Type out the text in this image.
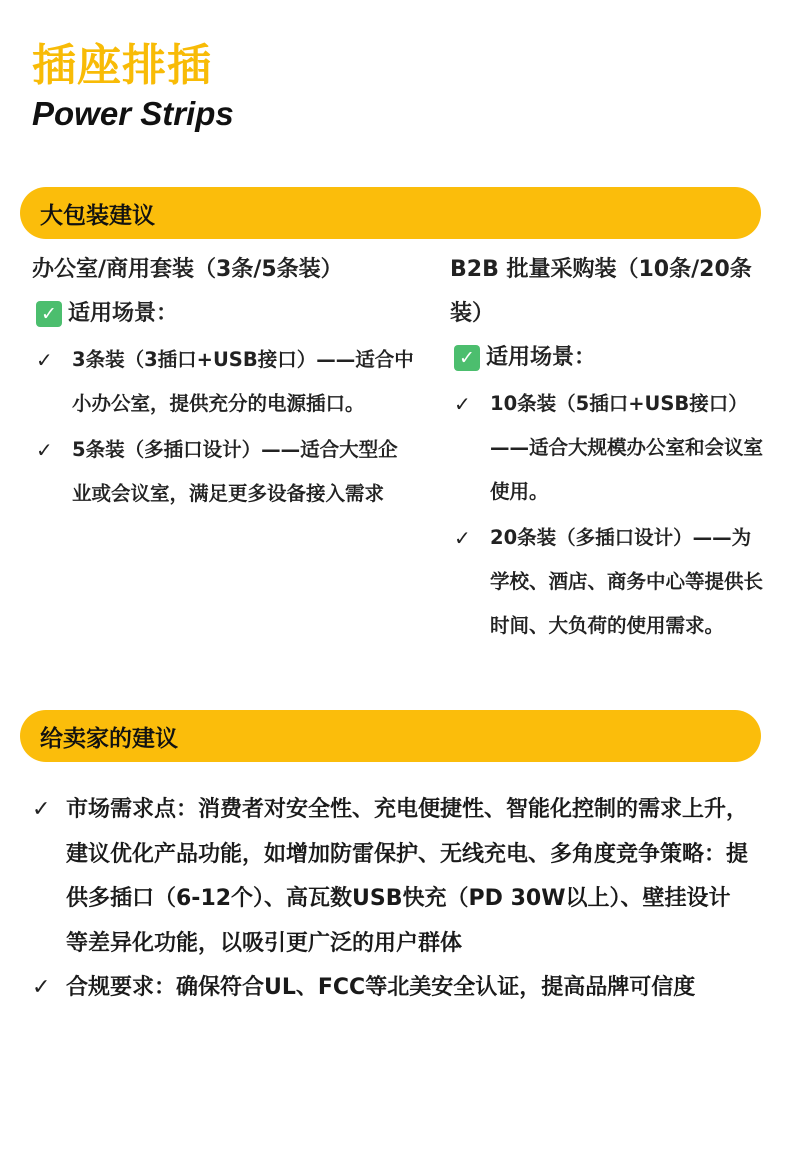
插座排插
Power Strips
大包装建议
办公室/商用套装（3条/5条装）
✓ 适用场景：
✓ 3条装（3插口+USB接口）——适合中小办公室，提供充分的电源插口。
✓ 5条装（多插口设计）——适合大型企业或会议室，满足更多设备接入需求
B2B 批量采购装（10条/20条装）
✓ 适用场景：
✓ 10条装（5插口+USB接口）——适合大规模办公室和会议室使用。
✓ 20条装（多插口设计）——为学校、酒店、商务中心等提供长时间、大负荷的使用需求。
给卖家的建议
✓ 市场需求点：消费者对安全性、充电便捷性、智能化控制的需求上升，建议优化产品功能，如增加防雷保护、无线充电、多角度竞争策略：提供多插口（6-12个）、高瓦数USB快充（PD 30W以上）、壁挂设计等差异化功能，以吸引更广泛的用户群体
✓ 合规要求：确保符合UL、FCC等北美安全认证，提高品牌可信度
